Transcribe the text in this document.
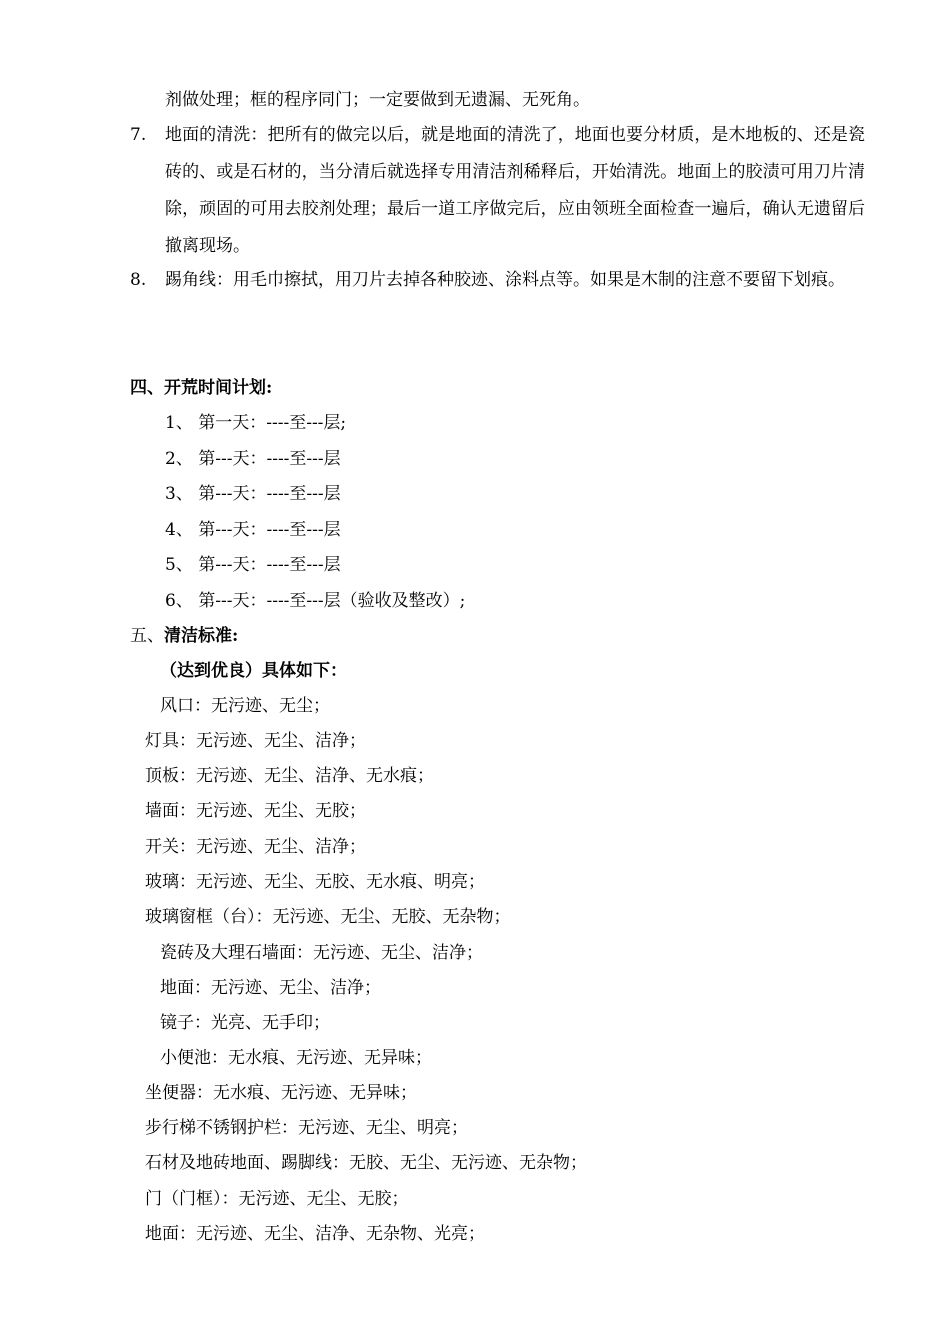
剂做处理；框的程序同门；一定要做到无遗漏、无死角。
7. 地面的清洗：把所有的做完以后，就是地面的清洗了，地面也要分材质，是木地板的、还是瓷砖的、或是石材的，当分清后就选择专用清洁剂稀释后，开始清洗。地面上的胶渍可用刀片清除，顽固的可用去胶剂处理；最后一道工序做完后，应由领班全面检查一遍后，确认无遗留后撤离现场。
8. 踢角线：用毛巾擦拭，用刀片去掉各种胶迹、涂料点等。如果是木制的注意不要留下划痕。
四、开荒时间计划:
1、 第一天：----至---层;
2、 第---天：----至---层
3、 第---天：----至---层
4、 第---天：----至---层
5、 第---天：----至---层
6、 第---天：----至---层（验收及整改）;
五、清洁标准:
（达到优良）具体如下：
风口：无污迹、无尘；
灯具：无污迹、无尘、洁净；
顶板：无污迹、无尘、洁净、无水痕；
墙面：无污迹、无尘、无胶；
开关：无污迹、无尘、洁净；
玻璃：无污迹、无尘、无胶、无水痕、明亮；
玻璃窗框（台）：无污迹、无尘、无胶、无杂物；
瓷砖及大理石墙面：无污迹、无尘、洁净；
地面：无污迹、无尘、洁净；
镜子：光亮、无手印；
小便池：无水痕、无污迹、无异味；
坐便器：无水痕、无污迹、无异味；
步行梯不锈钢护栏：无污迹、无尘、明亮；
石材及地砖地面、踢脚线：无胶、无尘、无污迹、无杂物；
门（门框）：无污迹、无尘、无胶；
地面：无污迹、无尘、洁净、无杂物、光亮；
